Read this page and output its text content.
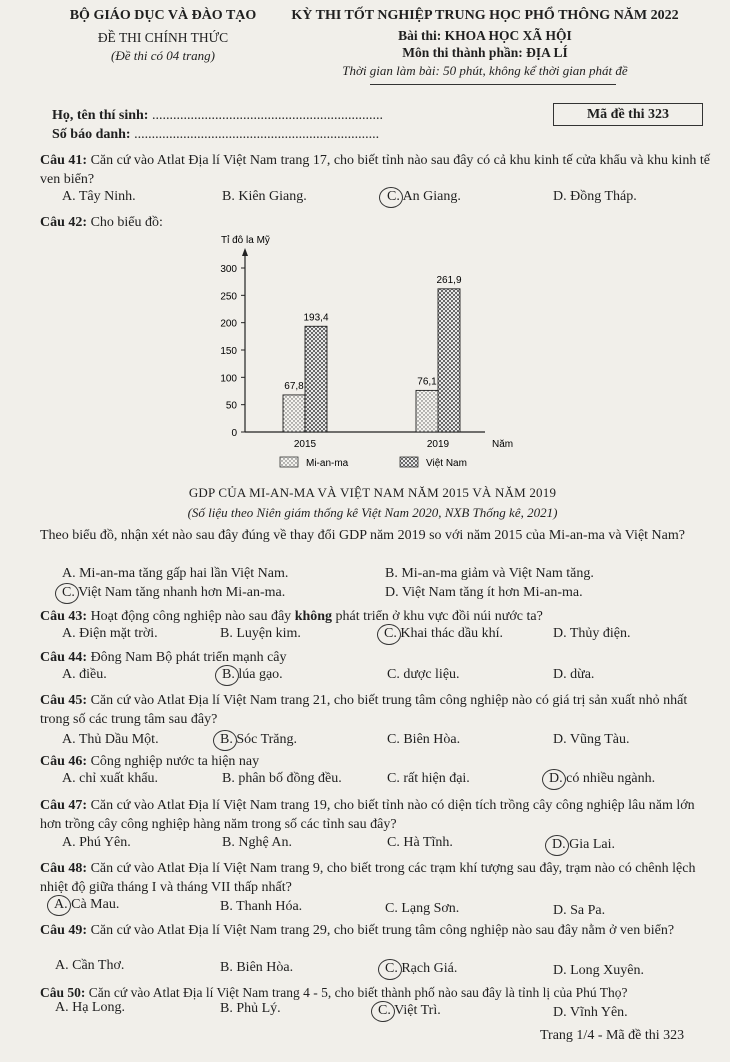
BỘ GIÁO DỤC VÀ ĐÀO TẠO
ĐỀ THI CHÍNH THỨC
(Đề thi có 04 trang)
KỲ THI TỐT NGHIỆP TRUNG HỌC PHỔ THÔNG NĂM 2022
Bài thi: KHOA HỌC XÃ HỘI
Môn thi thành phần: ĐỊA LÍ
Thời gian làm bài: 50 phút, không kể thời gian phát đề
Họ, tên thí sinh: ..................................................................
Số báo danh: ......................................................................
Mã đề thi 323
Câu 41: Căn cứ vào Atlat Địa lí Việt Nam trang 17, cho biết tỉnh nào sau đây có cả khu kinh tế cửa khẩu và khu kinh tế ven biển?
A. Tây Ninh.	B. Kiên Giang.	C. An Giang.	D. Đồng Tháp.
Câu 42: Cho biểu đồ:
Tỉ đô la Mỹ
Năm
0
50
100
150
200
250
300
2015
67,8
193,4
2019
76,1
261,9
Mi-an-ma	Việt Nam
GDP CỦA MI-AN-MA VÀ VIỆT NAM NĂM 2015 VÀ NĂM 2019
(Số liệu theo Niên giám thống kê Việt Nam 2020, NXB Thống kê, 2021)
Theo biểu đồ, nhận xét nào sau đây đúng về thay đổi GDP năm 2019 so với năm 2015 của Mi-an-ma và Việt Nam?
A. Mi-an-ma tăng gấp hai lần Việt Nam.	B. Mi-an-ma giảm và Việt Nam tăng.
C. Việt Nam tăng nhanh hơn Mi-an-ma.	D. Việt Nam tăng ít hơn Mi-an-ma.
Câu 43: Hoạt động công nghiệp nào sau đây không phát triển ở khu vực đồi núi nước ta?
A. Điện mặt trời.	B. Luyện kim.	C. Khai thác dầu khí.	D. Thủy điện.
Câu 44: Đông Nam Bộ phát triển mạnh cây
A. điều.	B. lúa gạo.	C. dược liệu.	D. dừa.
Câu 45: Căn cứ vào Atlat Địa lí Việt Nam trang 21, cho biết trung tâm công nghiệp nào có giá trị sản xuất nhỏ nhất trong số các trung tâm sau đây?
A. Thủ Dầu Một.	B. Sóc Trăng.	C. Biên Hòa.	D. Vũng Tàu.
Câu 46: Công nghiệp nước ta hiện nay
A. chỉ xuất khẩu.	B. phân bố đồng đều.	C. rất hiện đại.	D. có nhiều ngành.
Câu 47: Căn cứ vào Atlat Địa lí Việt Nam trang 19, cho biết tỉnh nào có diện tích trồng cây công nghiệp lâu năm lớn hơn trồng cây công nghiệp hàng năm trong số các tỉnh sau đây?
A. Phú Yên.	B. Nghệ An.	C. Hà Tĩnh.	D. Gia Lai.
Câu 48: Căn cứ vào Atlat Địa lí Việt Nam trang 9, cho biết trong các trạm khí tượng sau đây, trạm nào có chênh lệch nhiệt độ giữa tháng I và tháng VII thấp nhất?
A. Cà Mau.	B. Thanh Hóa.	C. Lạng Sơn.	D. Sa Pa.
Câu 49: Căn cứ vào Atlat Địa lí Việt Nam trang 29, cho biết trung tâm công nghiệp nào sau đây nằm ở ven biển?
A. Cần Thơ.	B. Biên Hòa.	C. Rạch Giá.	D. Long Xuyên.
Câu 50: Căn cứ vào Atlat Địa lí Việt Nam trang 4 - 5, cho biết thành phố nào sau đây là tỉnh lị của Phú Thọ?
A. Hạ Long.	B. Phủ Lý.	C. Việt Trì.	D. Vĩnh Yên.
Trang 1/4 - Mã đề thi 323
